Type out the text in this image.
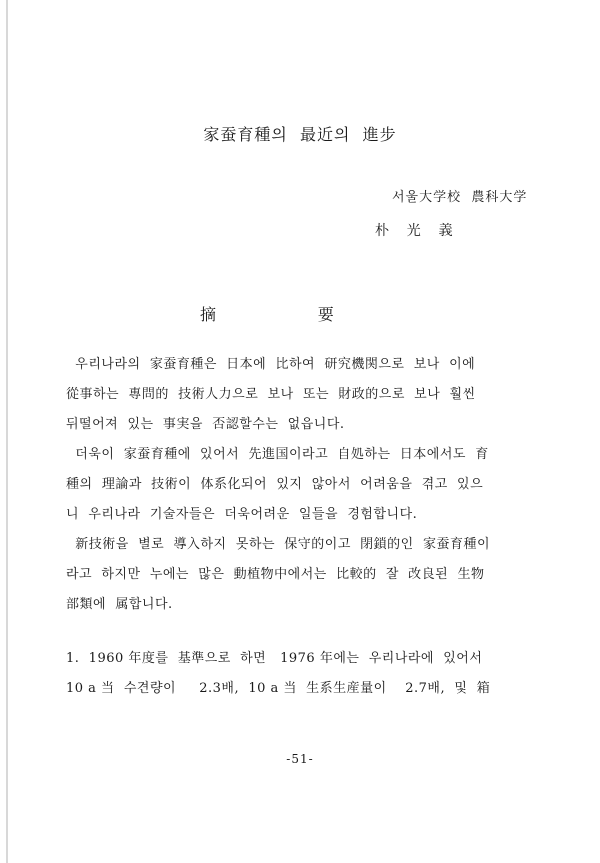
家蚕育種의  最近의  進步
서울大学校  農科大学
朴    光    義
摘                    要
우리나라의  家蚕育種은  日本에  比하여  研究機関으로  보나  이에
從事하는  專問的  技術人力으로  보나  또는  財政的으로  보나  훨씬
뒤떨어져  있는  事実을  否認할수는  없읍니다.
더욱이  家蚕育種에  있어서  先進国이라고  自処하는  日本에서도  育
種의  理論과  技術이  体系化되어  있지  않아서  어려움을  겪고  있으
니  우리나라  기술자들은  더욱어려운  일들을  경험합니다.
新技術을  별로  導入하지  못하는  保守的이고  閉鎖的인  家蚕育種이
라고  하지만  누에는  많은  動植物中에서는  比較的  잘  改良된  生物
部類에  属합니다.
1.  1960 年度를  基準으로  하면   1976 年에는  우리나라에  있어서
10 a 当  수견량이     2.3배,  10 a 当  生系生産量이    2.7배,  및  箱
-51-
